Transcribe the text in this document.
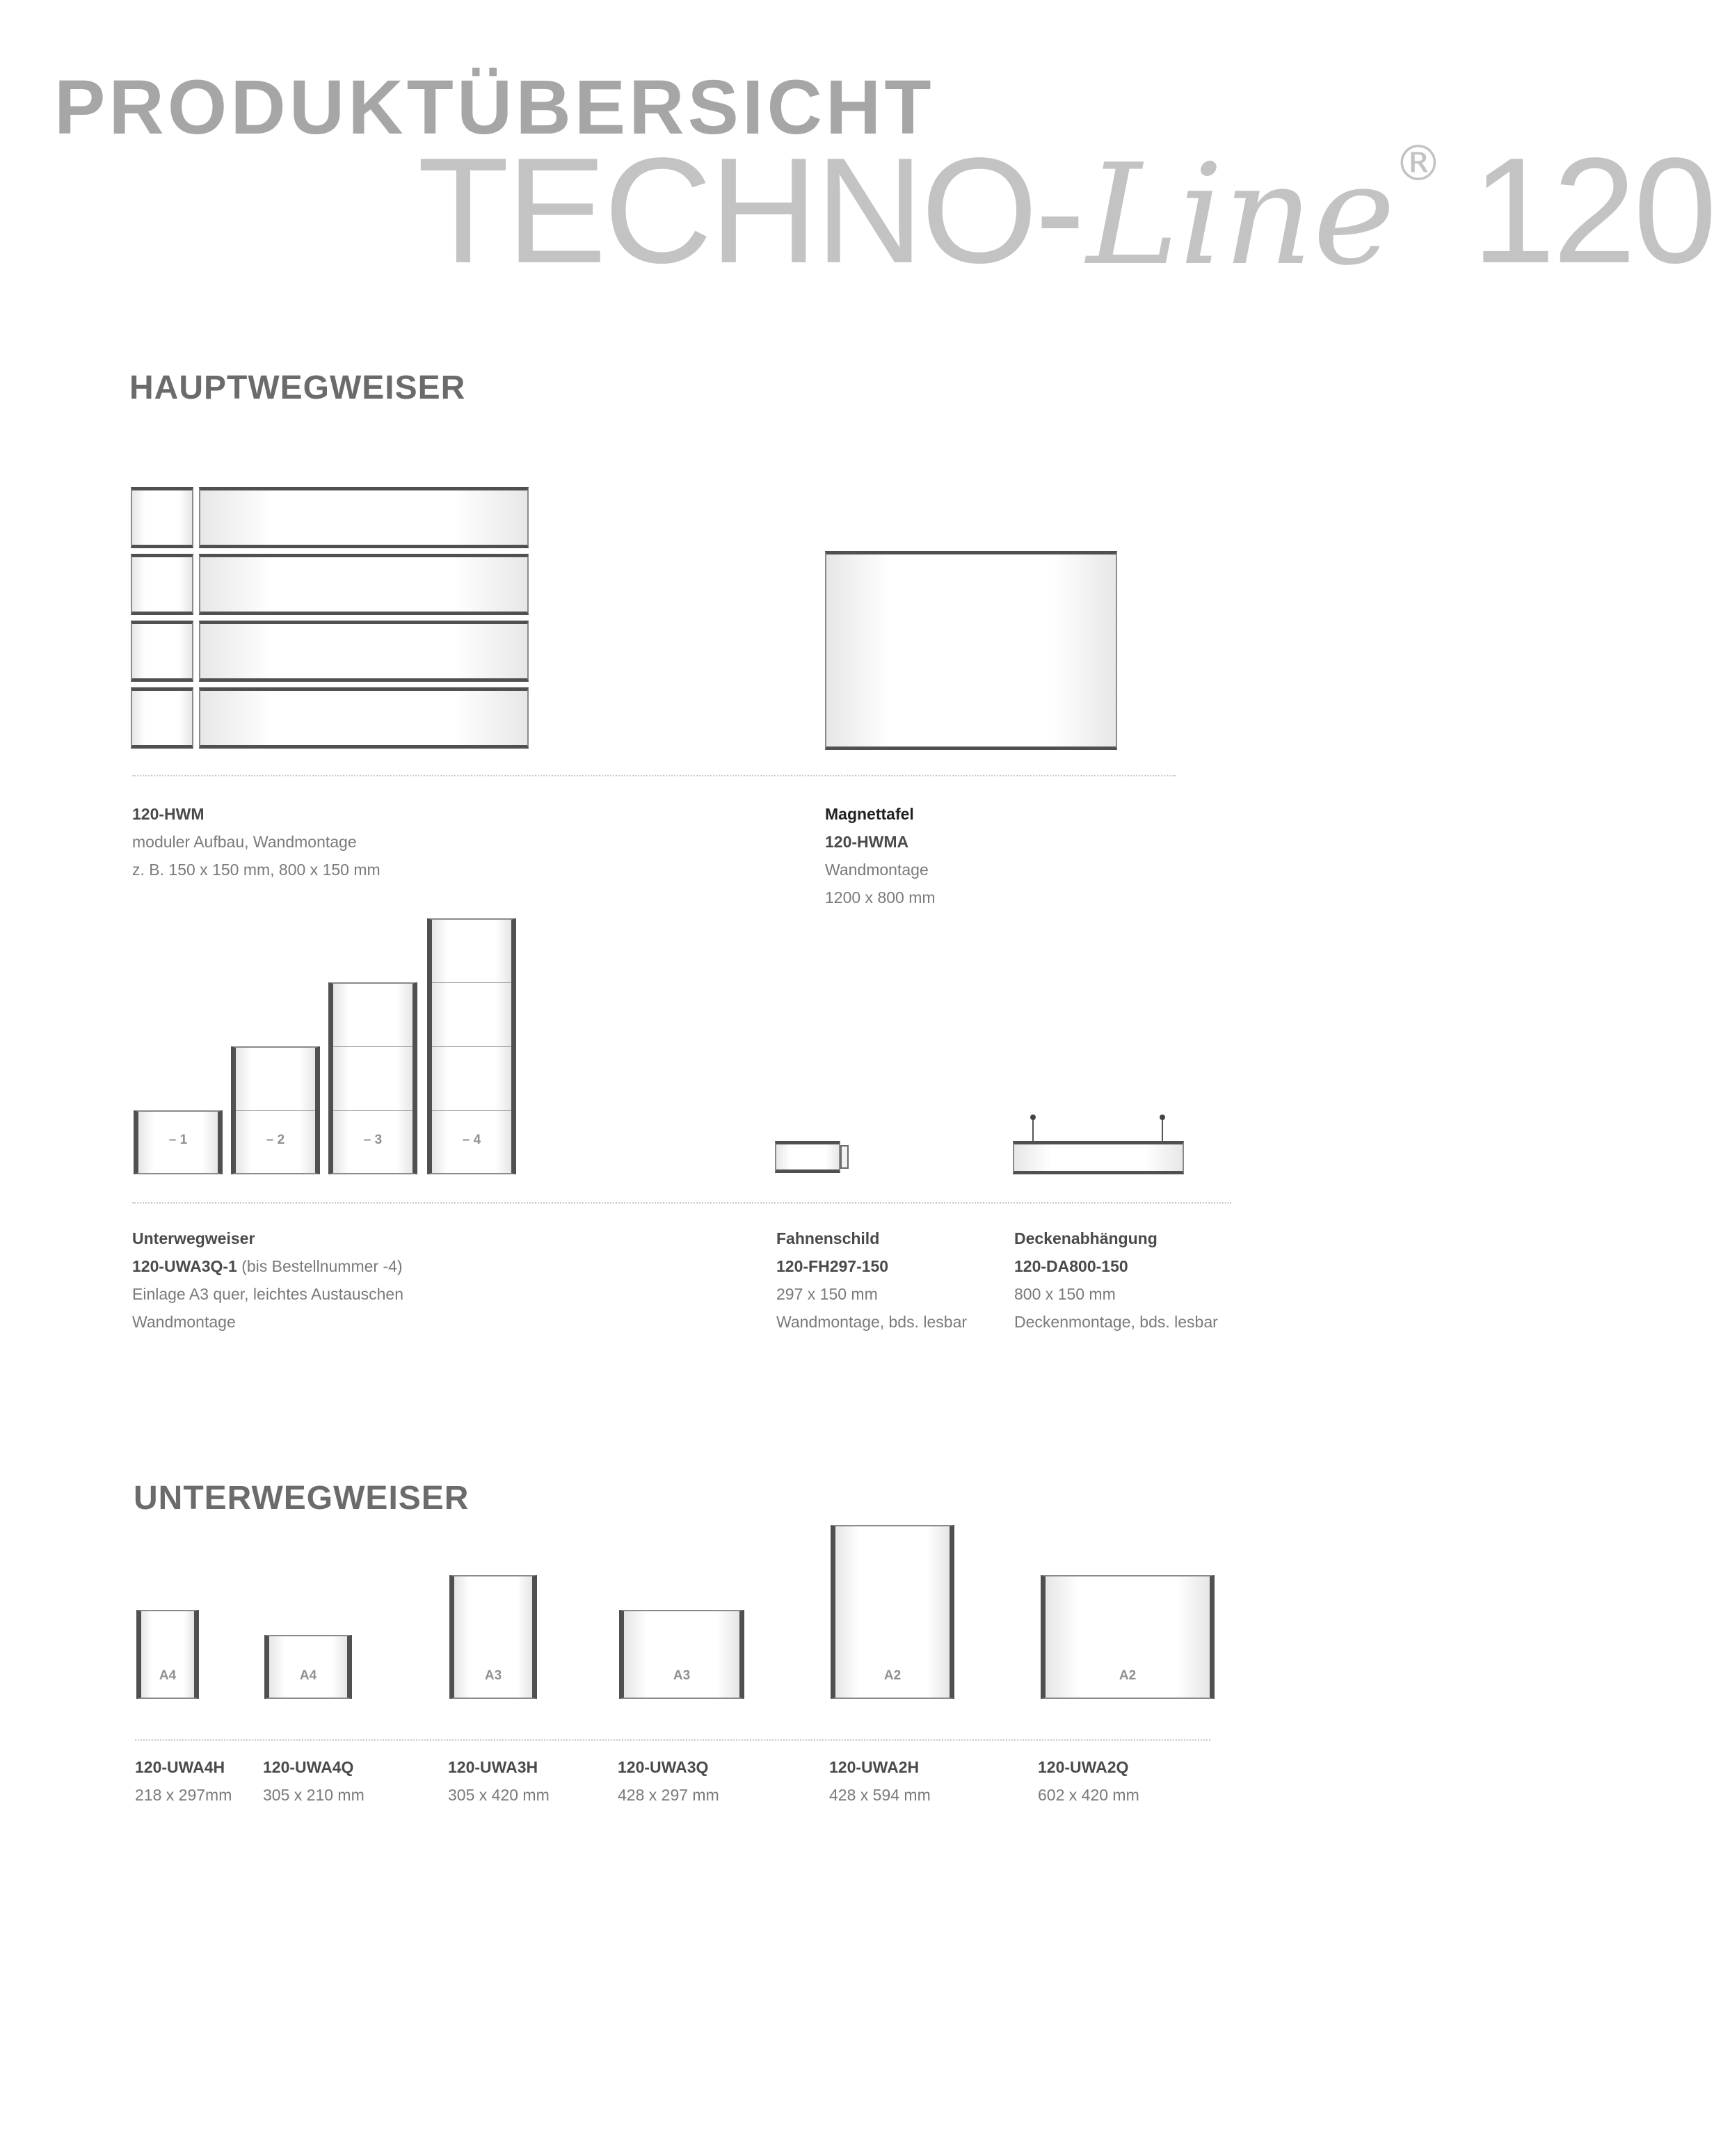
PRODUKTÜBERSICHT
TECHNO- Line
® 120
HAUPTWEGWEISER
120-HWM
moduler Aufbau, Wandmontage
z. B. 150 x 150 mm, 800 x 150 mm
Magnettafel
120-HWMA
Wandmontage
1200 x 800 mm
– 1	– 2	– 3	– 4
Unterwegweiser
120-UWA3Q-1 (bis Bestellnummer -4)
Einlage A3 quer, leichtes Austauschen
Wandmontage
Fahnenschild
120-FH297-150
297 x 150 mm
Wandmontage, bds. lesbar
Deckenabhängung
120-DA800-150
800 x 150 mm
Deckenmontage, bds. lesbar
UNTERWEGWEISER
A4	A4	A3	A3	A2	A2
120-UWA4H
218 x 297mm
120-UWA4Q
305 x 210 mm
120-UWA3H
305 x 420 mm
120-UWA3Q
428 x 297 mm
120-UWA2H
428 x 594 mm
120-UWA2Q
602 x 420 mm
